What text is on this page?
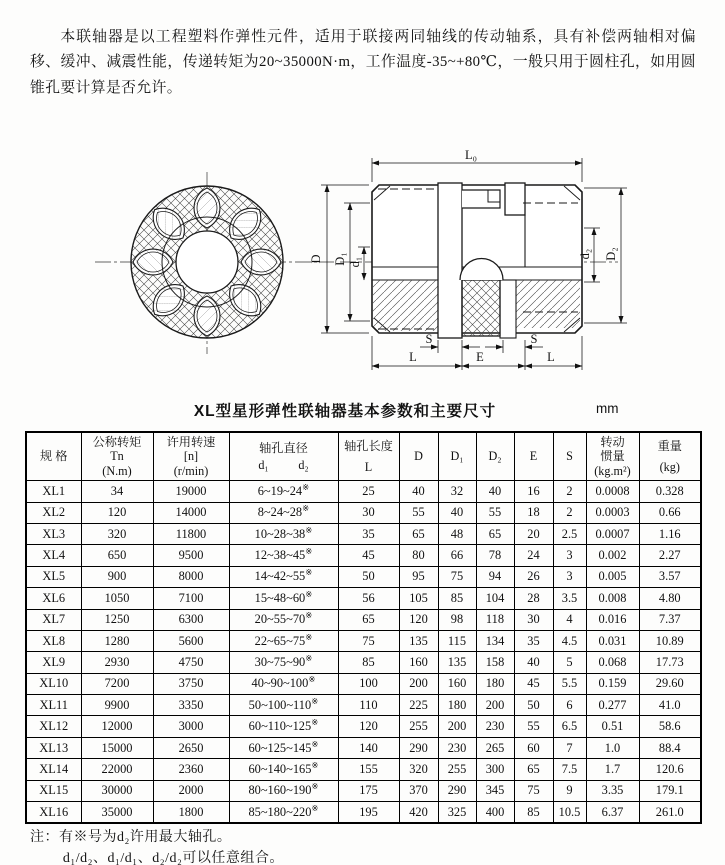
本联轴器是以工程塑料作弹性元件，适用于联接两同轴线的传动轴系，具有补偿两轴相对偏移、缓冲、减震性能，传递转矩为20~35000N·m，工作温度-35~+80℃，一般只用于圆柱孔，如用圆锥孔要计算是否允许。

L₀
D D₁ d₁
d₂ D₂
S	S
L	E	L
XL型星形弹性联轴器基本参数和主要尺寸	mm
规 格

公称转矩
Tn
(N.m)

许用转速
[n]
(r/min)

轴孔直径
d₁ d₂

轴孔长度
L

D	D₁	D₂	E	S

转动
惯量
(kg.m²)

重量
(kg)

XL1	34	19000	6~19~24※	25	40	32	40	16	2	0.0008	0.328
XL2	120	14000	8~24~28※	30	55	40	55	18	2	0.0003	0.66
XL3	320	11800	10~28~38※	35	65	48	65	20	2.5	0.0007	1.16
XL4	650	9500	12~38~45※	45	80	66	78	24	3	0.002	2.27
XL5	900	8000	14~42~55※	50	95	75	94	26	3	0.005	3.57
XL6	1050	7100	15~48~60※	56	105	85	104	28	3.5	0.008	4.80
XL7	1250	6300	20~55~70※	65	120	98	118	30	4	0.016	7.37
XL8	1280	5600	22~65~75※	75	135	115	134	35	4.5	0.031	10.89
XL9	2930	4750	30~75~90※	85	160	135	158	40	5	0.068	17.73
XL10	7200	3750	40~90~100※	100	200	160	180	45	5.5	0.159	29.60
XL11	9900	3350	50~100~110※	110	225	180	200	50	6	0.277	41.0
XL12	12000	3000	60~110~125※	120	255	200	230	55	6.5	0.51	58.6
XL13	15000	2650	60~125~145※	140	290	230	265	60	7	1.0	88.4
XL14	22000	2360	60~140~165※	155	320	255	300	65	7.5	1.7	120.6
XL15	30000	2000	80~160~190※	175	370	290	345	75	9	3.35	179.1
XL16	35000	1800	85~180~220※	195	420	325	400	85	10.5	6.37	261.0
注：有※号为d₂许用最大轴孔。
d₁/d₂、d₁/d₁、d₂/d₂可以任意组合。
